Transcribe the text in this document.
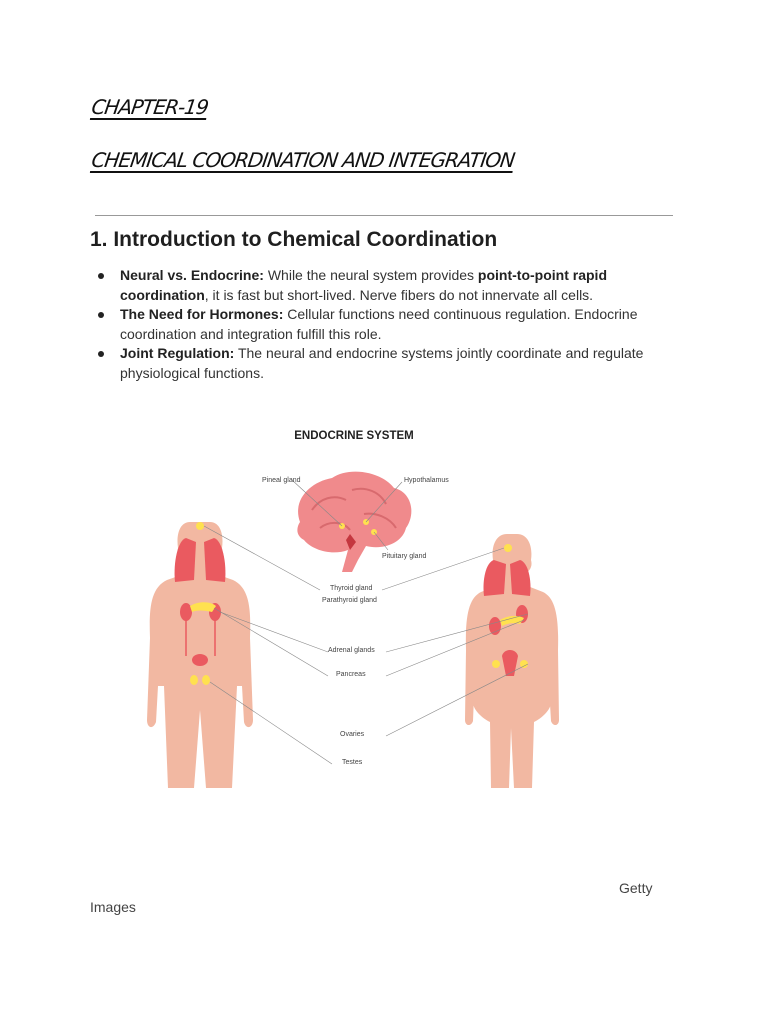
CHAPTER-19
CHEMICAL COORDINATION AND INTEGRATION
1. Introduction to Chemical Coordination
Neural vs. Endocrine: While the neural system provides point-to-point rapid coordination, it is fast but short-lived. Nerve fibers do not innervate all cells.
The Need for Hormones: Cellular functions need continuous regulation. Endocrine coordination and integration fulfill this role.
Joint Regulation: The neural and endocrine systems jointly coordinate and regulate physiological functions.
ENDOCRINE SYSTEM
Pineal gland	Hypothalamus
Pituitary gland
Thyroid gland
Parathyroid gland
Adrenal glands
Pancreas
Ovaries
Testes
Getty
Images
